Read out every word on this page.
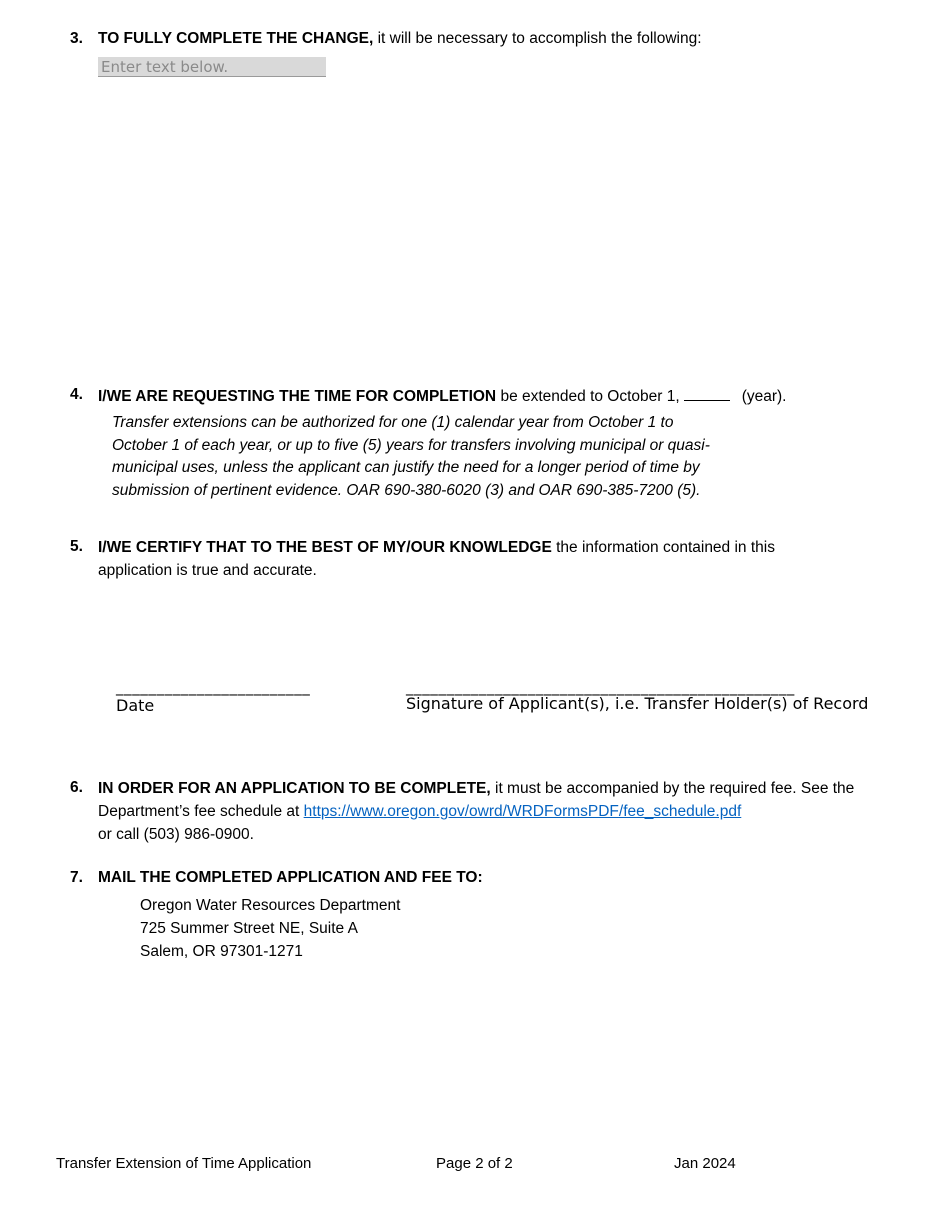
3. TO FULLY COMPLETE THE CHANGE, it will be necessary to accomplish the following:
Enter text below.
4. I/WE ARE REQUESTING THE TIME FOR COMPLETION be extended to October 1,	(year).
Transfer extensions can be authorized for one (1) calendar year from October 1 to
October 1 of each year, or up to five (5) years for transfers involving municipal or quasi-
municipal uses, unless the applicant can justify the need for a longer period of time by
submission of pertinent evidence. OAR 690-380-6020 (3) and OAR 690-385-7200 (5).
5. I/WE CERTIFY THAT TO THE BEST OF MY/OUR KNOWLEDGE the information contained in this
application is true and accurate.
________________________
Date
________________________________________________
Signature of Applicant(s), i.e. Transfer Holder(s) of Record
6. IN ORDER FOR AN APPLICATION TO BE COMPLETE, it must be accompanied by the required fee. See the
Department’s fee schedule at https://www.oregon.gov/owrd/WRDFormsPDF/fee_schedule.pdf
or call (503) 986-0900.
7. MAIL THE COMPLETED APPLICATION AND FEE TO:
Oregon Water Resources Department
725 Summer Street NE, Suite A
Salem, OR 97301-1271
Transfer Extension of Time Application	Page 2 of 2	Jan 2024
